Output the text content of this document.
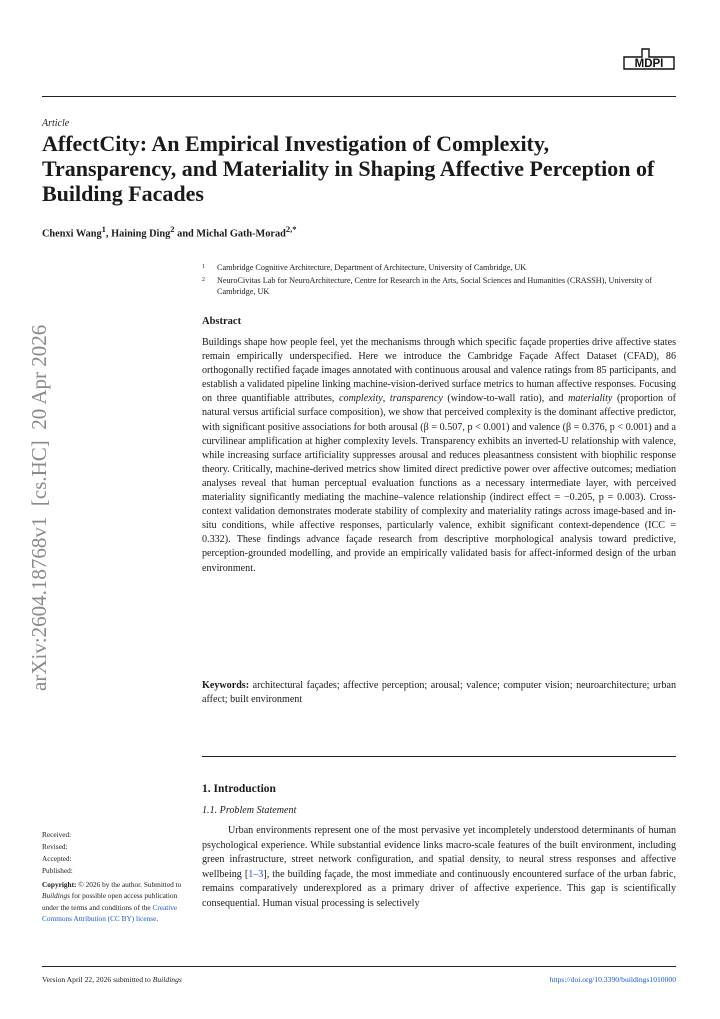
MDPI
Article
AffectCity: An Empirical Investigation of Complexity, Transparency, and Materiality in Shaping Affective Perception of Building Facades
Chenxi Wang$^1$, Haining Ding$^2$ and Michal Gath-Morad$^{2,*}$
1 Cambridge Cognitive Architecture, Department of Architecture, University of Cambridge, UK
2 NeuroCivitas Lab for NeuroArchitecture, Centre for Research in the Arts, Social Sciences and Humanities (CRASSH), University of Cambridge, UK
Abstract

Buildings shape how people feel, yet the mechanisms through which specific façade properties drive affective states remain empirically underspecified. Here we introduce the Cambridge Façade Affect Dataset (CFAD), 86 orthogonally rectified façade images annotated with continuous arousal and valence ratings from 85 participants, and establish a validated pipeline linking machine-vision-derived surface metrics to human affective responses. Focusing on three quantifiable attributes, complexity, transparency (window-to-wall ratio), and materiality (proportion of natural versus artificial surface composition), we show that perceived complexity is the dominant affective predictor, with significant positive associations for both arousal (β = 0.507, p < 0.001) and valence (β = 0.376, p < 0.001) and a curvilinear amplification at higher complexity levels. Transparency exhibits an inverted-U relationship with valence, while increasing surface artificiality suppresses arousal and reduces pleasantness consistent with biophilic response theory. Critically, machine-derived metrics show limited direct predictive power over affective outcomes; mediation analyses reveal that human perceptual evaluation functions as a necessary intermediate layer, with perceived materiality significantly mediating the machine–valence relationship (indirect effect = −0.205, p = 0.003). Cross-context validation demonstrates moderate stability of complexity and materiality ratings across image-based and in-situ conditions, while affective responses, particularly valence, exhibit significant context-dependence (ICC = 0.332). These findings advance façade research from descriptive morphological analysis toward predictive, perception-grounded modelling, and provide an empirically validated basis for affect-informed design of the urban environment.

Keywords: architectural façades; affective perception; arousal; valence; computer vision; neuroarchitecture; urban affect; built environment

arXiv:2604.18768v1  [cs.HC]  20 Apr 2026
Received:
Revised:
Accepted:
Published:
Copyright: © 2026 by the author. Submitted to Buildings for possible open access publication under the terms and conditions of the Creative Commons Attribution (CC BY) license.
1. Introduction
1.1. Problem Statement

Urban environments represent one of the most pervasive yet incompletely understood determinants of human psychological experience. While substantial evidence links macro-scale features of the built environment, including green infrastructure, street network configuration, and spatial density, to neural stress responses and affective wellbeing [1–3], the building façade, the most immediate and continuously encountered surface of the urban fabric, remains comparatively underexplored as a primary driver of affective experience. This gap is scientifically consequential. Human visual processing is selectively

Version April 22, 2026 submitted to Buildings	https://doi.org/10.3390/buildings1010000
